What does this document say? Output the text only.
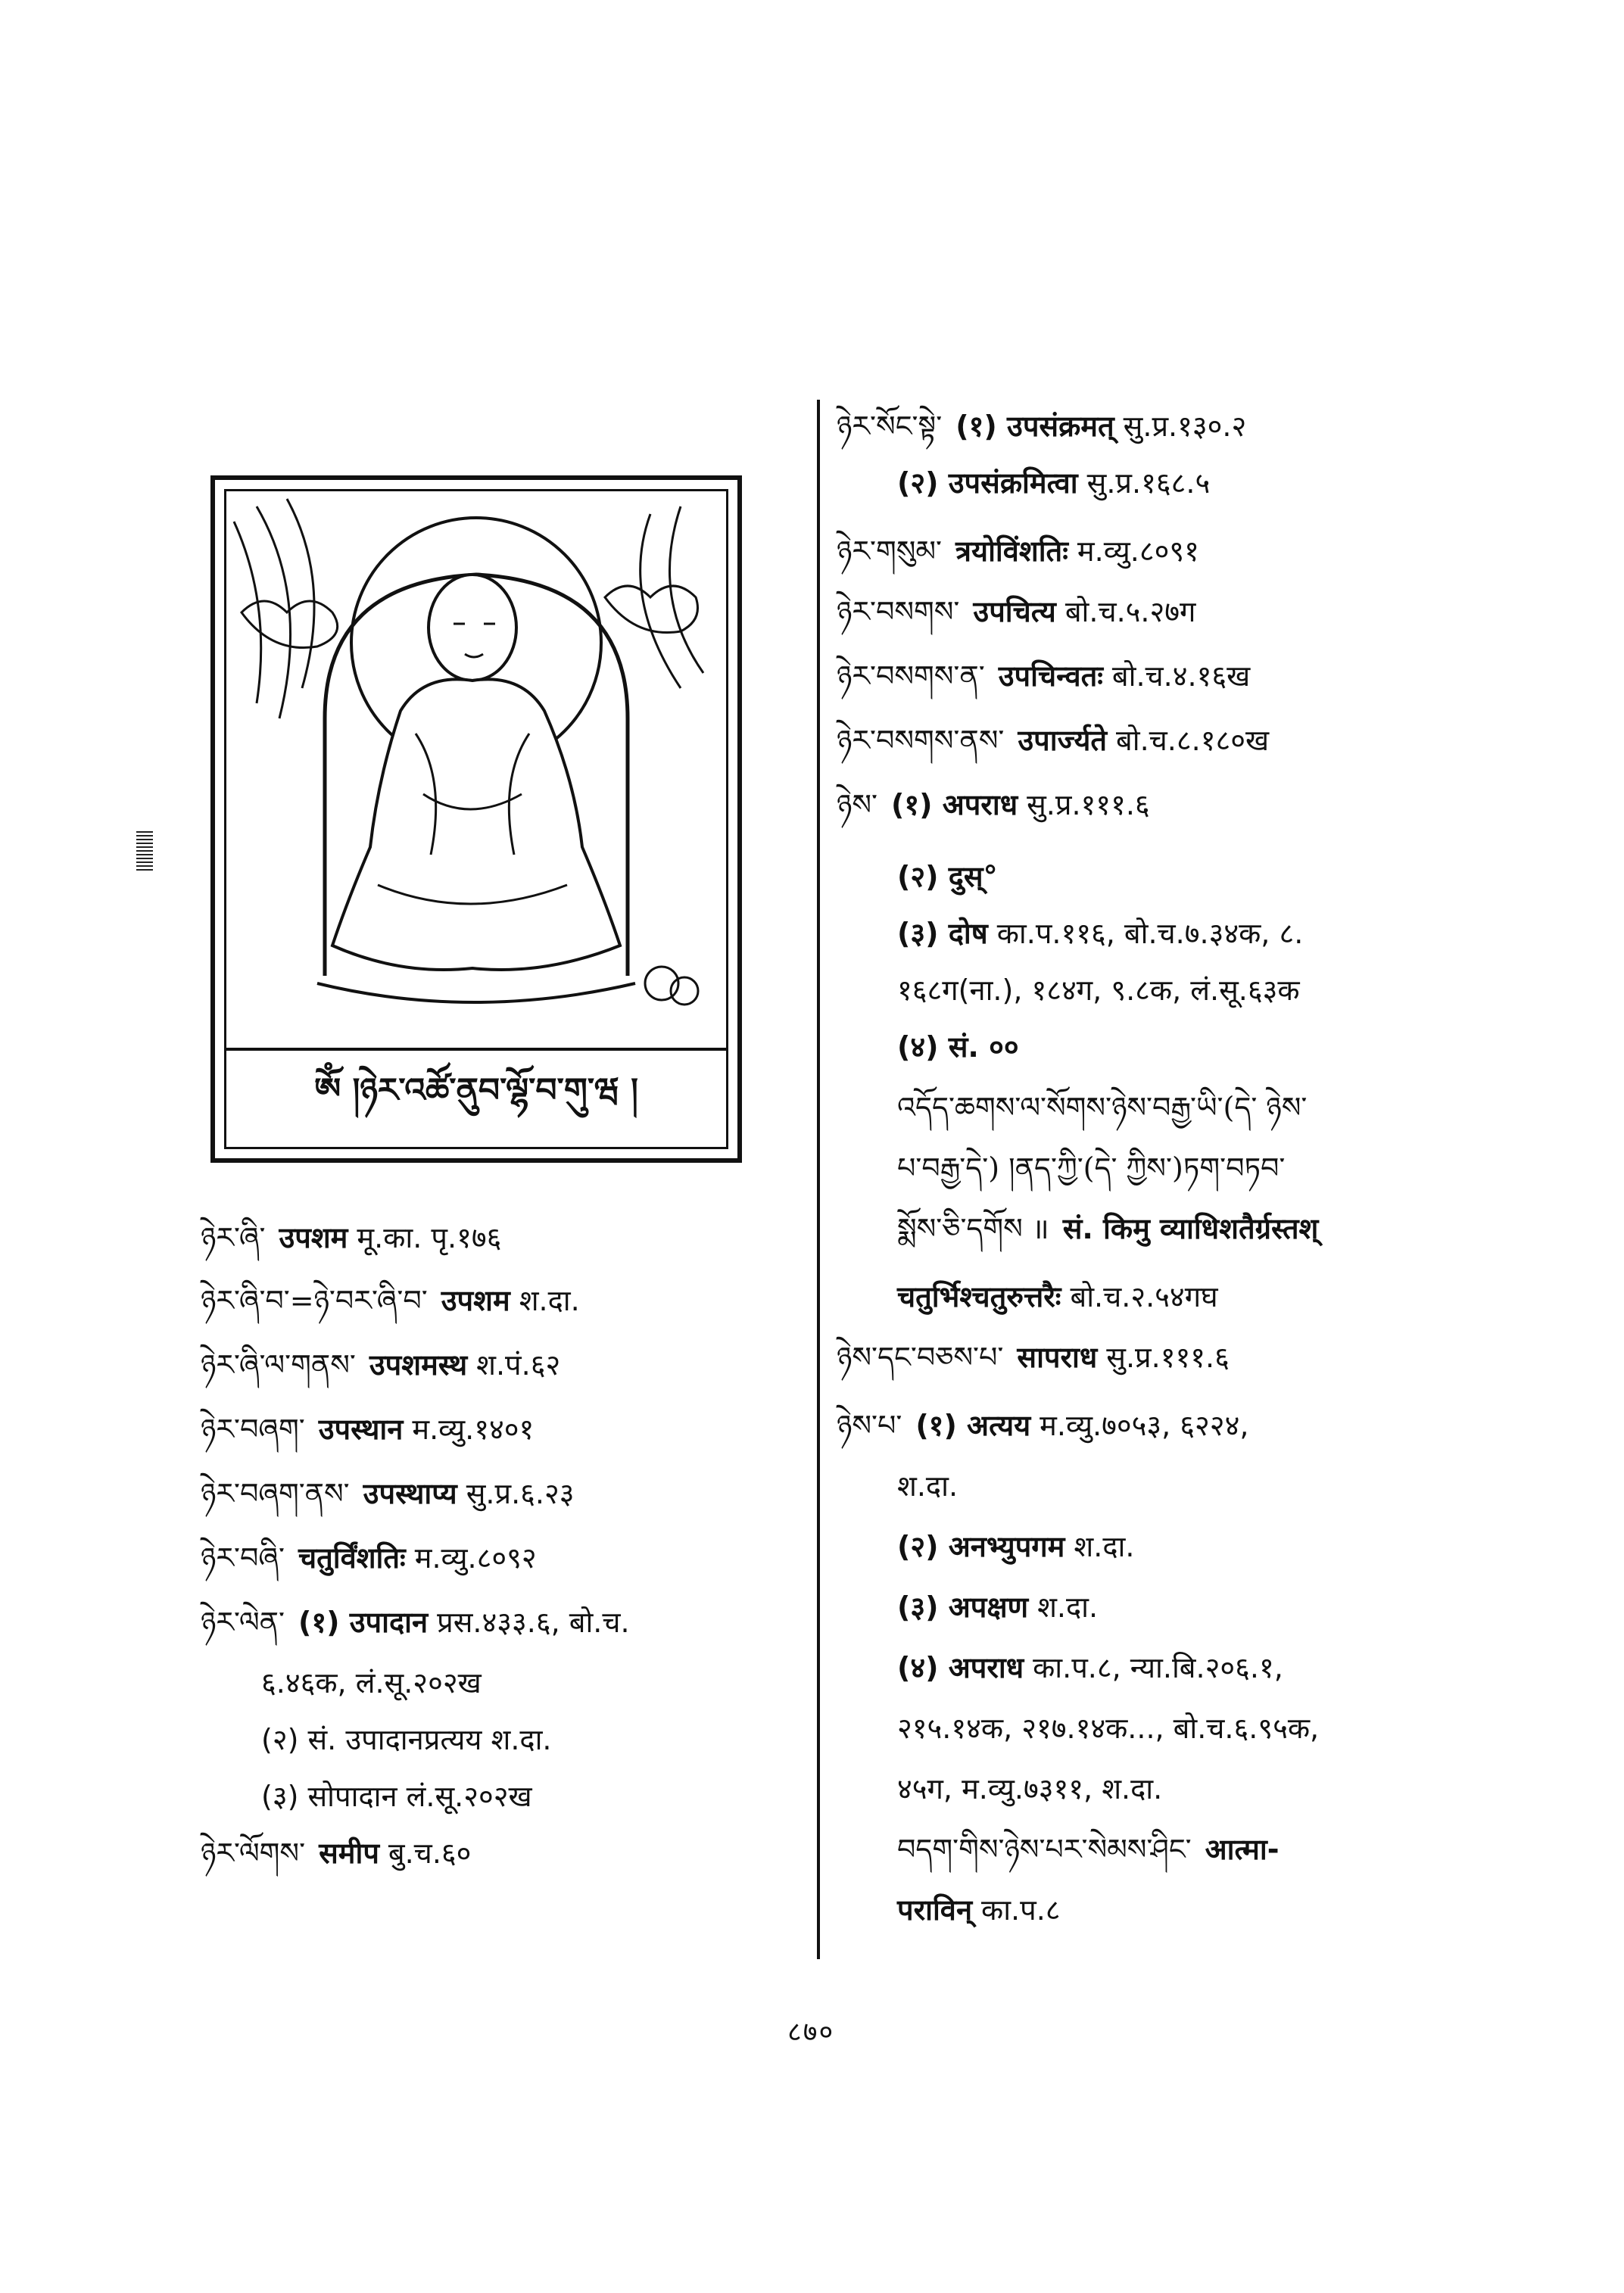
ༀ །ཉེར་འཚོ་ནུབ་ལྷོ་བ་གུ་ཝ །
ཉེར་ཞི་ उपशम मू.का. पृ.१७६
ཉེར་ཞི་བ་=ཉེ་བར་ཞི་བ་ उपशम श.दा.
ཉེར་ཞི་ལ་གནས་ उपशमस्थ श.पं.६२
ཉེར་བཞག་ उपस्थान म.व्यु.१४०१
ཉེར་བཞག་ནས་ उपस्थाप्य सु.प्र.६.२३
ཉེར་བཞི་ चतुर्विंशतिः म.व्यु.८०९२
ཉེར་ལེན་ (१) उपादान प्रस.४३३.६, बो.च.
६.४६क, लं.सू.२०२ख
(२) सं. उपादानप्रत्यय श.दा.
(३) सोपादान लं.सू.२०२ख
ཉེར་ལོགས་ समीप बु.च.६०
ཉེར་སོང་སྟེ་ (१) उपसंक्रमत् सु.प्र.१३०.२
(२) उपसंक्रमित्वा सु.प्र.१६८.५
ཉེར་གསུམ་ त्रयोविंशतिः म.व्यु.८०९१
ཉེར་བསགས་ उपचित्य बो.च.५.२७ग
ཉེར་བསགས་ན་ उपचिन्वतः बो.च.४.१६ख
ཉེར་བསགས་ནས་ उपार्ज्यते बो.च.८.१८०ख
ཉེས་ (१) अपराध सु.प्र.१११.६
(२) दुस्°
(३) दोष का.प.११६, बो.च.७.३४क, ८.
१६८ग(ना.), १८४ग, ९.८क, लं.सू.६३क
(४) सं. ००
འདོད་ཆགས་ལ་སོགས་ཉེས་བརྒྱ་ཡི་(དེ་ ཉེས་
པ་བརྒྱ་དེ་) །ནད་ཀྱི་(དེ་ ཀྱིས་)ཏག་བཏབ་
སྨོས་ཅི་དགོས ॥ सं. किमु व्याधिशतैर्ग्रस्तश्
चतुर्भिश्चतुरुत्तरैः बो.च.२.५४गघ
ཉེས་དང་བཅས་པ་ सापराध सु.प्र.१११.६
ཉེས་པ་ (१) अत्यय म.व्यु.७०५३, ६२२४,
श.दा.
(२) अनभ्युपगम श.दा.
(३) अपक्षण श.दा.
(४) अपराध का.प.८, न्या.बि.२०६.१,
२१५.१४क, २१७.१४क..., बो.च.६.९५क,
४५ग, म.व्यु.७३११, श.दा.
བདག་གིས་ཉེས་པར་སེམས་ཤིང་ आत्मा-
पराविन् का.प.८
८७०
